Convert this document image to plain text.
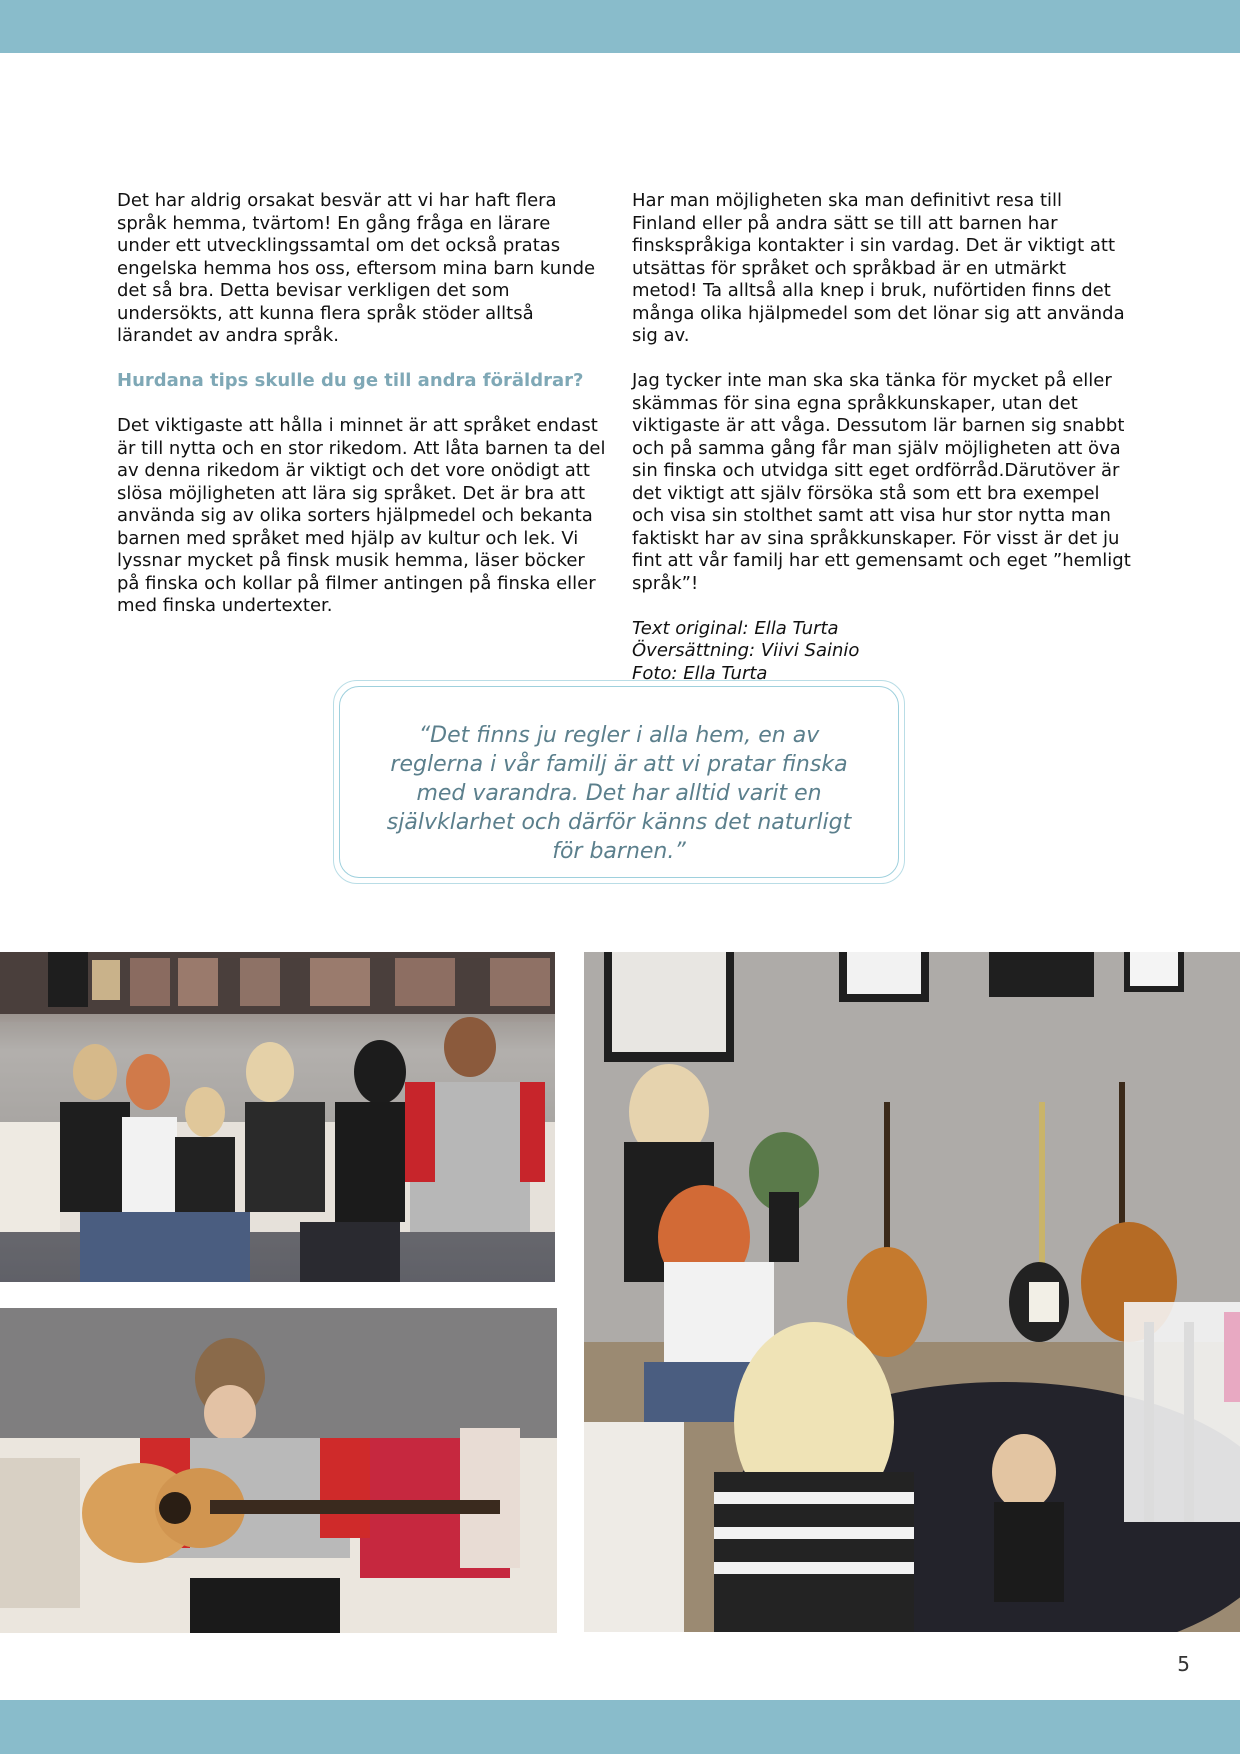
Det har aldrig orsakat besvär att vi har haft flera språk hemma, tvärtom! En gång fråga en lärare under ett utvecklingssamtal om det också pratas engelska hemma hos oss, eftersom mina barn kunde det så bra. Detta bevisar verkligen det som undersökts, att kunna flera språk stöder alltså lärandet av andra språk.

Hurdana tips skulle du ge till andra föräldrar?

Det viktigaste att hålla i minnet är att språket endast är till nytta och en stor rikedom. Att låta barnen ta del av denna rikedom är viktigt och det vore onödigt att slösa möjligheten att lära sig språket. Det är bra att använda sig av olika sorters hjälpmedel och bekanta barnen med språket med hjälp av kultur och lek. Vi lyssnar mycket på finsk musik hemma, läser böcker på finska och kollar på filmer antingen på finska eller med finska undertexter.

Har man möjligheten ska man definitivt resa till Finland eller på andra sätt se till att barnen har finskspråkiga kontakter i sin vardag. Det är viktigt att utsättas för språket och språkbad är en utmärkt metod! Ta alltså alla knep i bruk, nuförtiden finns det många olika hjälpmedel som det lönar sig att använda sig av.

Jag tycker inte man ska ska tänka för mycket på eller skämmas för sina egna språkkunskaper, utan det viktigaste är att våga. Dessutom lär barnen sig snabbt och på samma gång får man själv möjligheten att öva sin finska och utvidga sitt eget ordförråd.Därutöver är det viktigt att själv försöka stå som ett bra exempel och visa sin stolthet samt att visa hur stor nytta man faktiskt har av sina språkkunskaper. För visst är det ju fint att vår familj har ett gemensamt och eget ”hemligt språk”!

Text original: Ella Turta
Översättning: Viivi Sainio
Foto: Ella Turta
“Det finns ju regler i alla hem, en av reglerna i vår familj är att vi pratar finska med varandra. Det har alltid varit en självklarhet och därför känns det naturligt för barnen.”
5
